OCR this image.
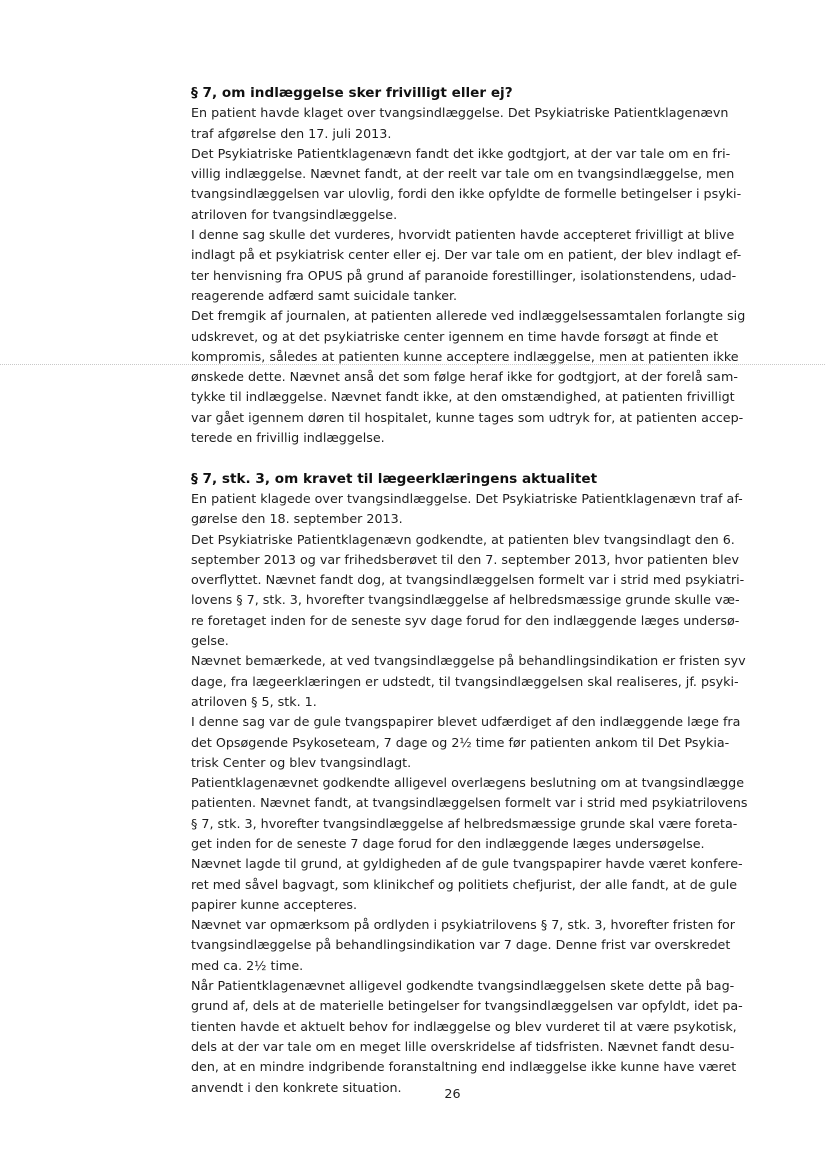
§ 7, om indlæggelse sker frivilligt eller ej?

En patient havde klaget over tvangsindlæggelse. Det Psykiatriske Patientklagenævn
traf afgørelse den 17. juli 2013.

Det Psykiatriske Patientklagenævn fandt det ikke godtgjort, at der var tale om en fri-
villig indlæggelse. Nævnet fandt, at der reelt var tale om en tvangsindlæggelse, men
tvangsindlæggelsen var ulovlig, fordi den ikke opfyldte de formelle betingelser i psyki-
atriloven for tvangsindlæggelse.

I denne sag skulle det vurderes, hvorvidt patienten havde accepteret frivilligt at blive
indlagt på et psykiatrisk center eller ej. Der var tale om en patient, der blev indlagt ef-
ter henvisning fra OPUS på grund af paranoide forestillinger, isolationstendens, udad-
reagerende adfærd samt suicidale tanker.

Det fremgik af journalen, at patienten allerede ved indlæggelsessamtalen forlangte sig
udskrevet, og at det psykiatriske center igennem en time havde forsøgt at finde et
kompromis, således at patienten kunne acceptere indlæggelse, men at patienten ikke
ønskede dette. Nævnet anså det som følge heraf ikke for godtgjort, at der forelå sam-
tykke til indlæggelse. Nævnet fandt ikke, at den omstændighed, at patienten frivilligt
var gået igennem døren til hospitalet, kunne tages som udtryk for, at patienten accep-
terede en frivillig indlæggelse.

§ 7, stk. 3, om kravet til lægeerklæringens aktualitet

En patient klagede over tvangsindlæggelse. Det Psykiatriske Patientklagenævn traf af-
gørelse den 18. september 2013.

Det Psykiatriske Patientklagenævn godkendte, at patienten blev tvangsindlagt den 6.
september 2013 og var frihedsberøvet til den 7. september 2013, hvor patienten blev
overflyttet. Nævnet fandt dog, at tvangsindlæggelsen formelt var i strid med psykiatri-
lovens § 7, stk. 3, hvorefter tvangsindlæggelse af helbredsmæssige grunde skulle væ-
re foretaget inden for de seneste syv dage forud for den indlæggende læges undersø-
gelse.

Nævnet bemærkede, at ved tvangsindlæggelse på behandlingsindikation er fristen syv
dage, fra lægeerklæringen er udstedt, til tvangsindlæggelsen skal realiseres, jf. psyki-
atriloven § 5, stk. 1.

I denne sag var de gule tvangspapirer blevet udfærdiget af den indlæggende læge fra
det Opsøgende Psykoseteam, 7 dage og 2½ time før patienten ankom til Det Psykia-
trisk Center og blev tvangsindlagt.

Patientklagenævnet godkendte alligevel overlægens beslutning om at tvangsindlægge
patienten. Nævnet fandt, at tvangsindlæggelsen formelt var i strid med psykiatrilovens
§ 7, stk. 3, hvorefter tvangsindlæggelse af helbredsmæssige grunde skal være foreta-
get inden for de seneste 7 dage forud for den indlæggende læges undersøgelse.

Nævnet lagde til grund, at gyldigheden af de gule tvangspapirer havde været konfere-
ret med såvel bagvagt, som klinikchef og politiets chefjurist, der alle fandt, at de gule
papirer kunne accepteres.

Nævnet var opmærksom på ordlyden i psykiatrilovens § 7, stk. 3, hvorefter fristen for
tvangsindlæggelse på behandlingsindikation var 7 dage. Denne frist var overskredet
med ca. 2½ time.

Når Patientklagenævnet alligevel godkendte tvangsindlæggelsen skete dette på bag-
grund af, dels at de materielle betingelser for tvangsindlæggelsen var opfyldt, idet pa-
tienten havde et aktuelt behov for indlæggelse og blev vurderet til at være psykotisk,
dels at der var tale om en meget lille overskridelse af tidsfristen. Nævnet fandt desu-
den, at en mindre indgribende foranstaltning end indlæggelse ikke kunne have været
anvendt i den konkrete situation.	26
